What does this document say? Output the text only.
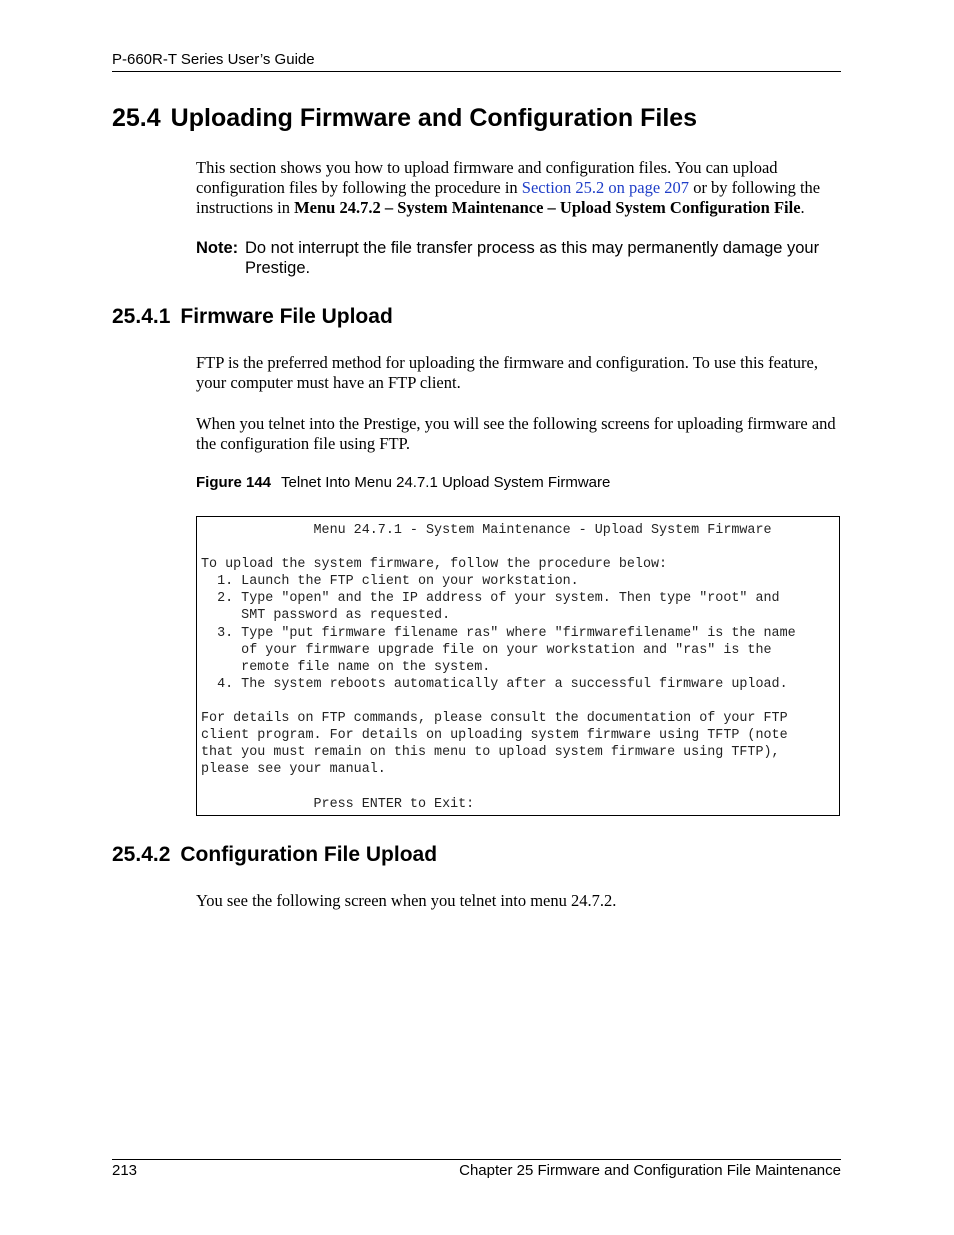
P-660R-T Series User’s Guide
25.4 Uploading Firmware and Configuration Files

This section shows you how to upload firmware and configuration files. You can upload configuration files by following the procedure in Section 25.2 on page 207 or by following the instructions in Menu 24.7.2 – System Maintenance – Upload System Configuration File.

Note: Do not interrupt the file transfer process as this may permanently damage your Prestige.
25.4.1 Firmware File Upload

FTP is the preferred method for uploading the firmware and configuration. To use this feature, your computer must have an FTP client.

When you telnet into the Prestige, you will see the following screens for uploading firmware and the configuration file using FTP.

Figure 144 Telnet Into Menu 24.7.1 Upload System Firmware
Menu 24.7.1 - System Maintenance - Upload System Firmware

To upload the system firmware, follow the procedure below:
1. Launch the FTP client on your workstation.
2. Type "open" and the IP address of your system. Then type "root" and
SMT password as requested.
3. Type "put firmware filename ras" where "firmwarefilename" is the name
of your firmware upgrade file on your workstation and "ras" is the
remote file name on the system.
4. The system reboots automatically after a successful firmware upload.

For details on FTP commands, please consult the documentation of your FTP
client program. For details on uploading system firmware using TFTP (note
that you must remain on this menu to upload system firmware using TFTP),
please see your manual.

Press ENTER to Exit:
25.4.2 Configuration File Upload

You see the following screen when you telnet into menu 24.7.2.

213	Chapter 25 Firmware and Configuration File Maintenance
